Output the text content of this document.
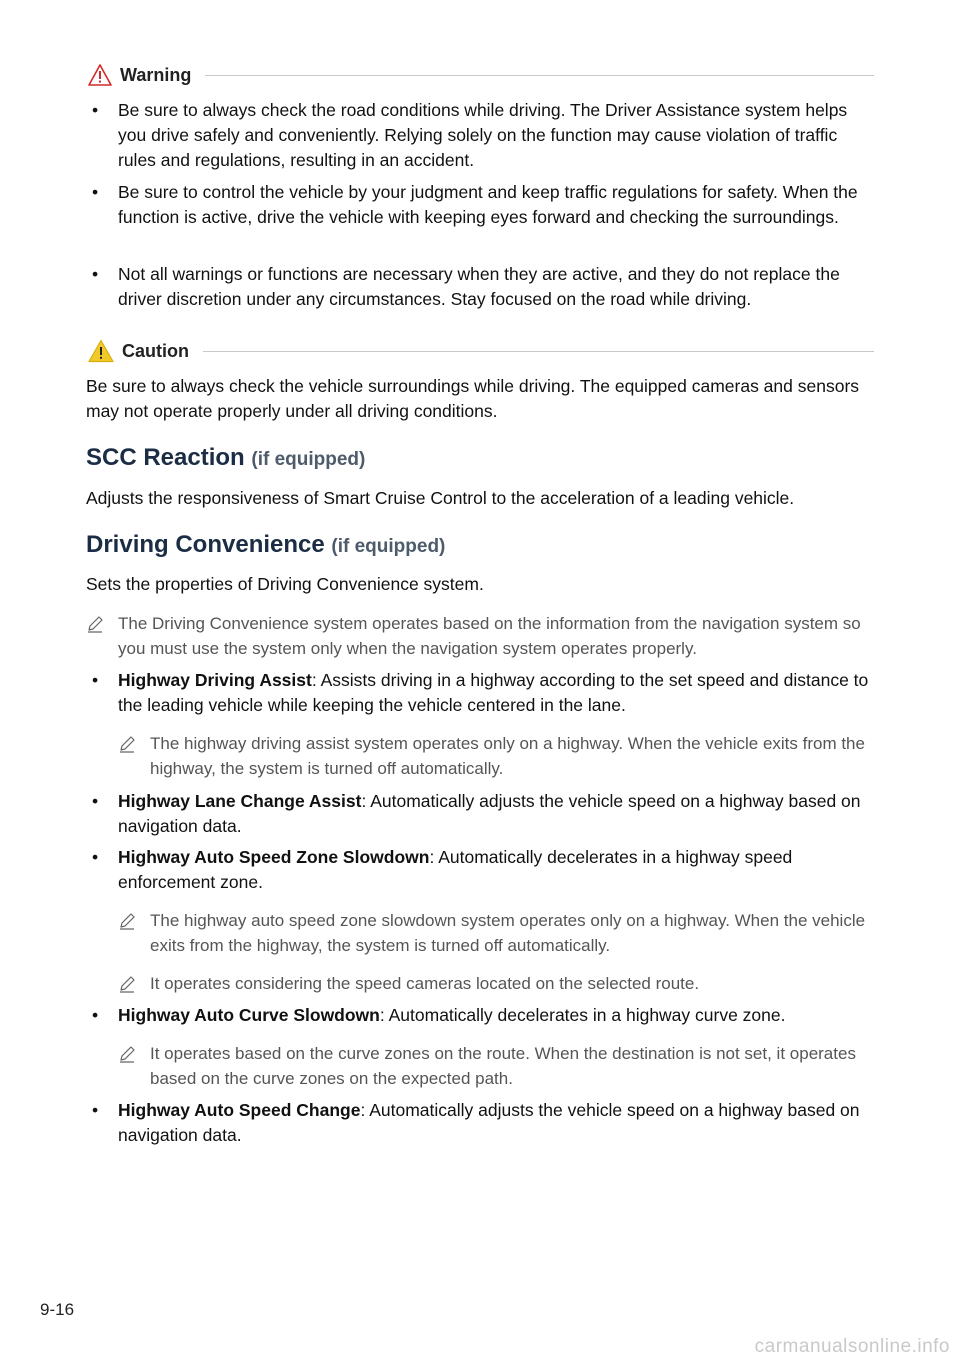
Warning
• Be sure to always check the road conditions while driving. The Driver Assistance system helps you drive safely and conveniently. Relying solely on the function may cause violation of traffic rules and regulations, resulting in an accident.
• Be sure to control the vehicle by your judgment and keep traffic regulations for safety. When the function is active, drive the vehicle with keeping eyes forward and checking the surroundings.
• Not all warnings or functions are necessary when they are active, and they do not replace the driver discretion under any circumstances. Stay focused on the road while driving.
Caution
Be sure to always check the vehicle surroundings while driving. The equipped cameras and sensors may not operate properly under all driving conditions.
SCC Reaction (if equipped)
Adjusts the responsiveness of Smart Cruise Control to the acceleration of a leading vehicle.
Driving Convenience (if equipped)
Sets the properties of Driving Convenience system.
The Driving Convenience system operates based on the information from the navigation system so you must use the system only when the navigation system operates properly.
• Highway Driving Assist: Assists driving in a highway according to the set speed and distance to the leading vehicle while keeping the vehicle centered in the lane.
The highway driving assist system operates only on a highway. When the vehicle exits from the highway, the system is turned off automatically.
• Highway Lane Change Assist: Automatically adjusts the vehicle speed on a highway based on navigation data.
• Highway Auto Speed Zone Slowdown: Automatically decelerates in a highway speed enforcement zone.
The highway auto speed zone slowdown system operates only on a highway. When the vehicle exits from the highway, the system is turned off automatically.
It operates considering the speed cameras located on the selected route.
• Highway Auto Curve Slowdown: Automatically decelerates in a highway curve zone.
It operates based on the curve zones on the route. When the destination is not set, it operates based on the curve zones on the expected path.
• Highway Auto Speed Change: Automatically adjusts the vehicle speed on a highway based on navigation data.
9-16
carmanualsonline.info
